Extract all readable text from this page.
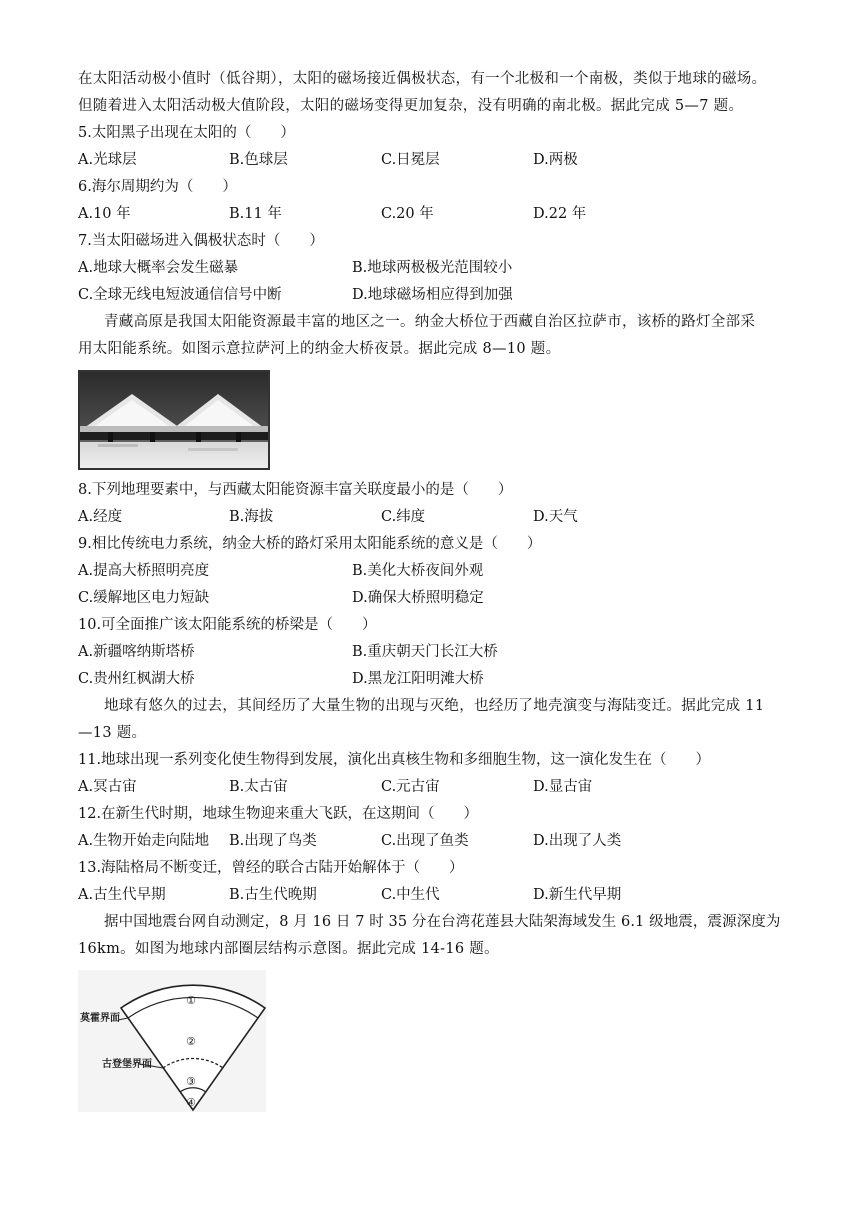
在太阳活动极小值时（低谷期），太阳的磁场接近偶极状态，有一个北极和一个南极，类似于地球的磁场。
但随着进入太阳活动极大值阶段，太阳的磁场变得更加复杂，没有明确的南北极。据此完成 5—7 题。
5.太阳黑子出现在太阳的（　　）
A.光球层	B.色球层	C.日冕层	D.两极
6.海尔周期约为（　　）
A.10 年	B.11 年	C.20 年	D.22 年
7.当太阳磁场进入偶极状态时（　　）
A.地球大概率会发生磁暴	B.地球两极极光范围较小
C.全球无线电短波通信信号中断	D.地球磁场相应得到加强
青藏高原是我国太阳能资源最丰富的地区之一。纳金大桥位于西藏自治区拉萨市，该桥的路灯全部采
用太阳能系统。如图示意拉萨河上的纳金大桥夜景。据此完成 8—10 题。
8.下列地理要素中，与西藏太阳能资源丰富关联度最小的是（　　）
A.经度	B.海拔	C.纬度	D.天气
9.相比传统电力系统，纳金大桥的路灯采用太阳能系统的意义是（　　）
A.提高大桥照明亮度	B.美化大桥夜间外观
C.缓解地区电力短缺	D.确保大桥照明稳定
10.可全面推广该太阳能系统的桥梁是（　　）
A.新疆喀纳斯塔桥	B.重庆朝天门长江大桥
C.贵州红枫湖大桥	D.黑龙江阳明滩大桥
地球有悠久的过去，其间经历了大量生物的出现与灭绝，也经历了地壳演变与海陆变迁。据此完成 11
—13 题。
11.地球出现一系列变化使生物得到发展，演化出真核生物和多细胞生物，这一演化发生在（　　）
A.冥古宙	B.太古宙	C.元古宙	D.显古宙
12.在新生代时期，地球生物迎来重大飞跃，在这期间（　　）
A.生物开始走向陆地 B.出现了鸟类	C.出现了鱼类	D.出现了人类
13.海陆格局不断变迁，曾经的联合古陆开始解体于（　　）
A.古生代早期	B.古生代晚期	C.中生代	D.新生代早期
据中国地震台网自动测定，8 月 16 日 7 时 35 分在台湾花莲县大陆架海域发生 6.1 级地震，震源深度为
16km。如图为地球内部圈层结构示意图。据此完成 14-16 题。
莫霍界面
古登堡界面
①
②
③
④
